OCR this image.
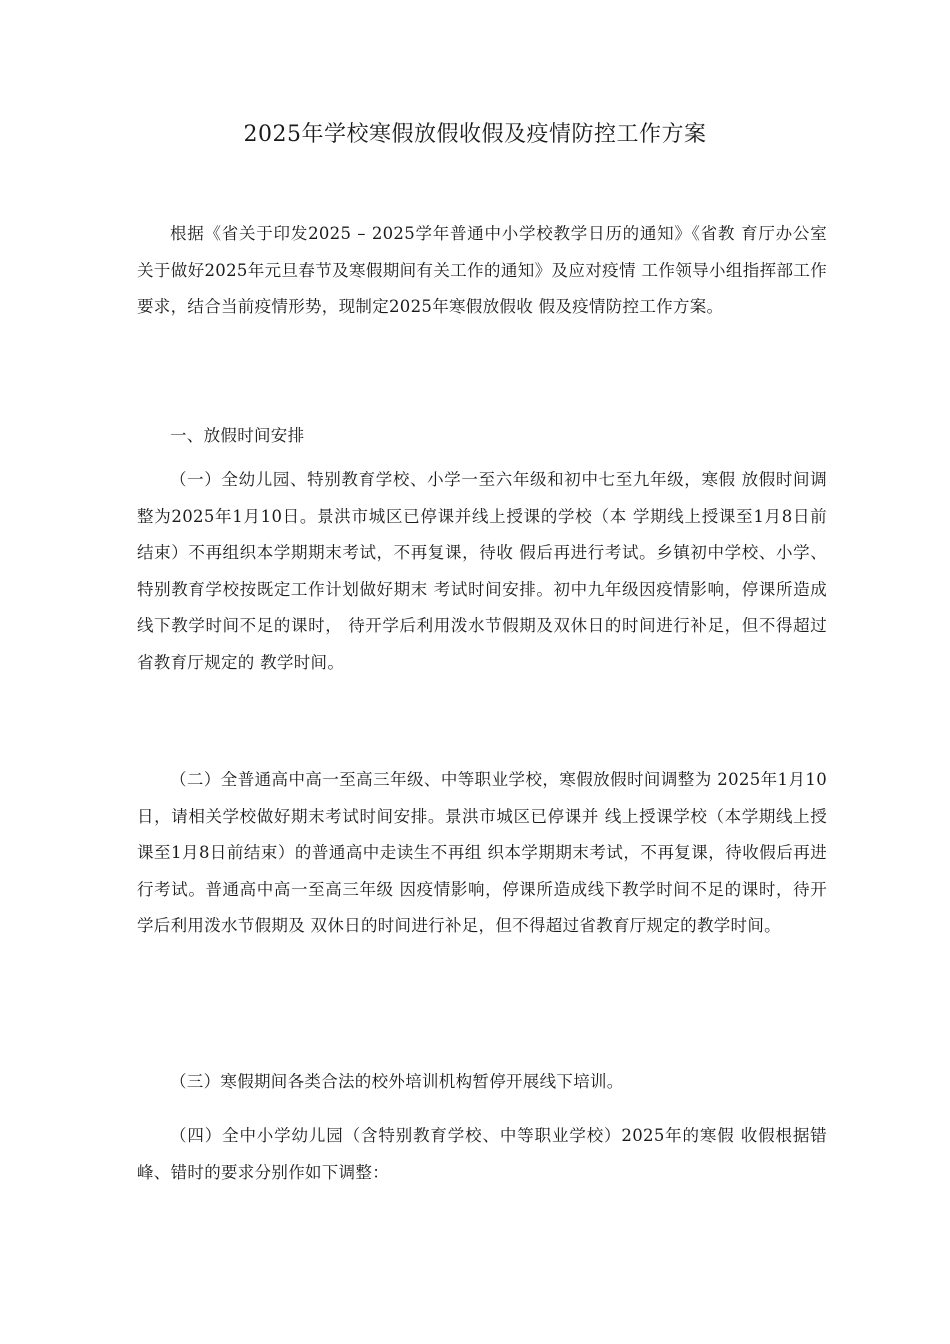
2025年学校寒假放假收假及疫情防控工作方案

根据《省关于印发2025 – 2025学年普通中小学校教学日历的通知》《省教 育厅办公室关于做好2025年元旦春节及寒假期间有关工作的通知》及应对疫情 工作领导小组指挥部工作要求，结合当前疫情形势，现制定2025年寒假放假收 假及疫情防控工作方案。

一、放假时间安排

（一）全幼儿园、特别教育学校、小学一至六年级和初中七至九年级，寒假 放假时间调整为2025年1月10日。景洪市城区已停课并线上授课的学校（本 学期线上授课至1月8日前结束）不再组织本学期期末考试，不再复课，待收 假后再进行考试。乡镇初中学校、小学、特别教育学校按既定工作计划做好期末 考试时间安排。初中九年级因疫情影响，停课所造成线下教学时间不足的课时， 待开学后利用泼水节假期及双休日的时间进行补足，但不得超过省教育厅规定的 教学时间。

（二）全普通高中高一至高三年级、中等职业学校，寒假放假时间调整为 2025年1月10日，请相关学校做好期末考试时间安排。景洪市城区已停课并 线上授课学校（本学期线上授课至1月8日前结束）的普通高中走读生不再组 织本学期期末考试，不再复课，待收假后再进行考试。普通高中高一至高三年级 因疫情影响，停课所造成线下教学时间不足的课时，待开学后利用泼水节假期及 双休日的时间进行补足，但不得超过省教育厅规定的教学时间。

（三）寒假期间各类合法的校外培训机构暂停开展线下培训。

（四）全中小学幼儿园（含特别教育学校、中等职业学校）2025年的寒假 收假根据错峰、错时的要求分别作如下调整：
